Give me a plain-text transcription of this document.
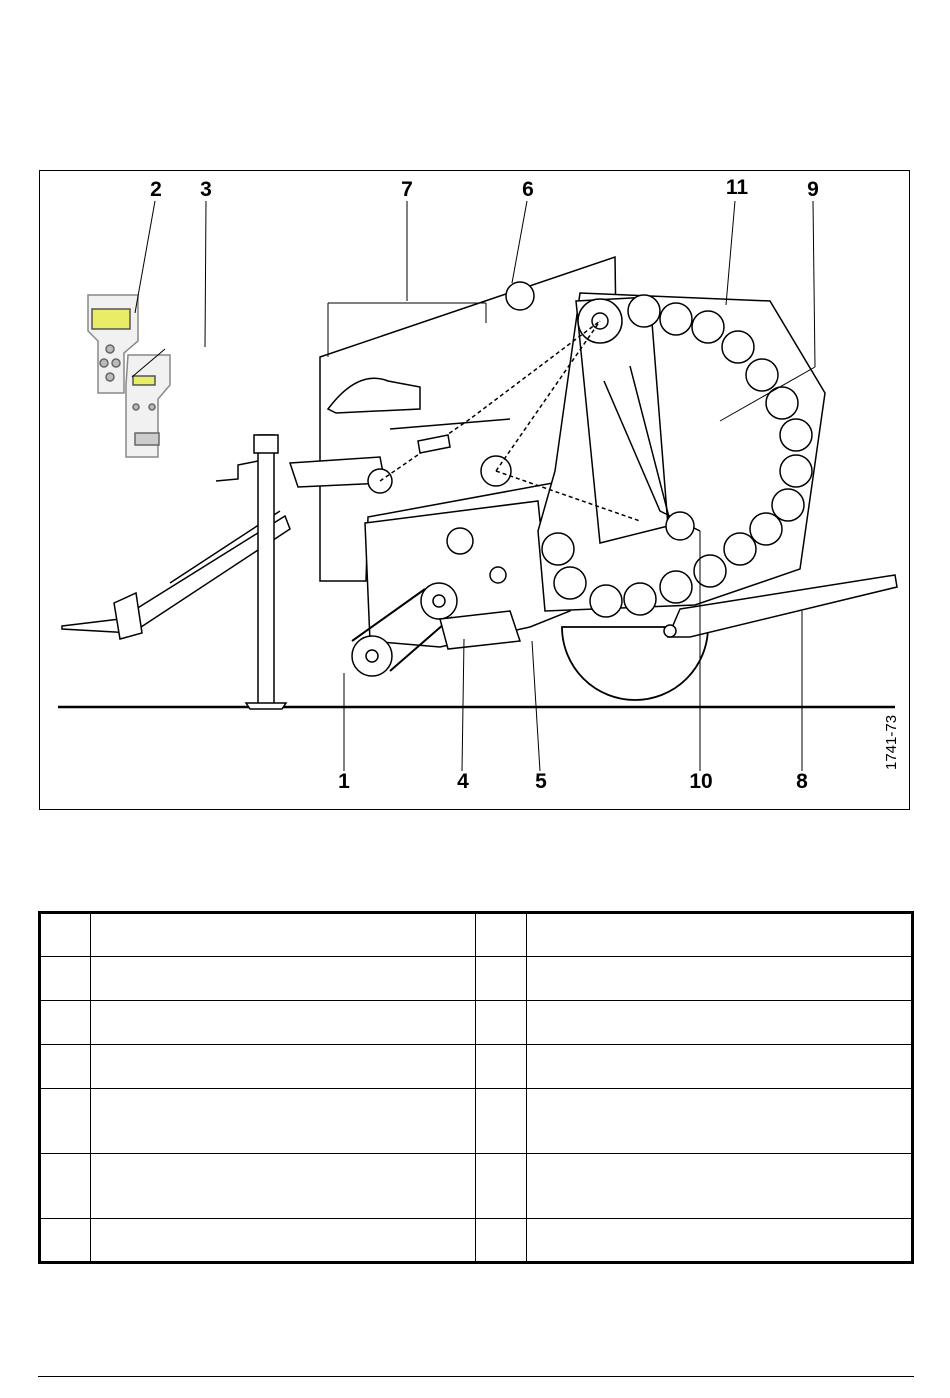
2 3	7	6	11	9
1	4	5	10	8
1741-73
